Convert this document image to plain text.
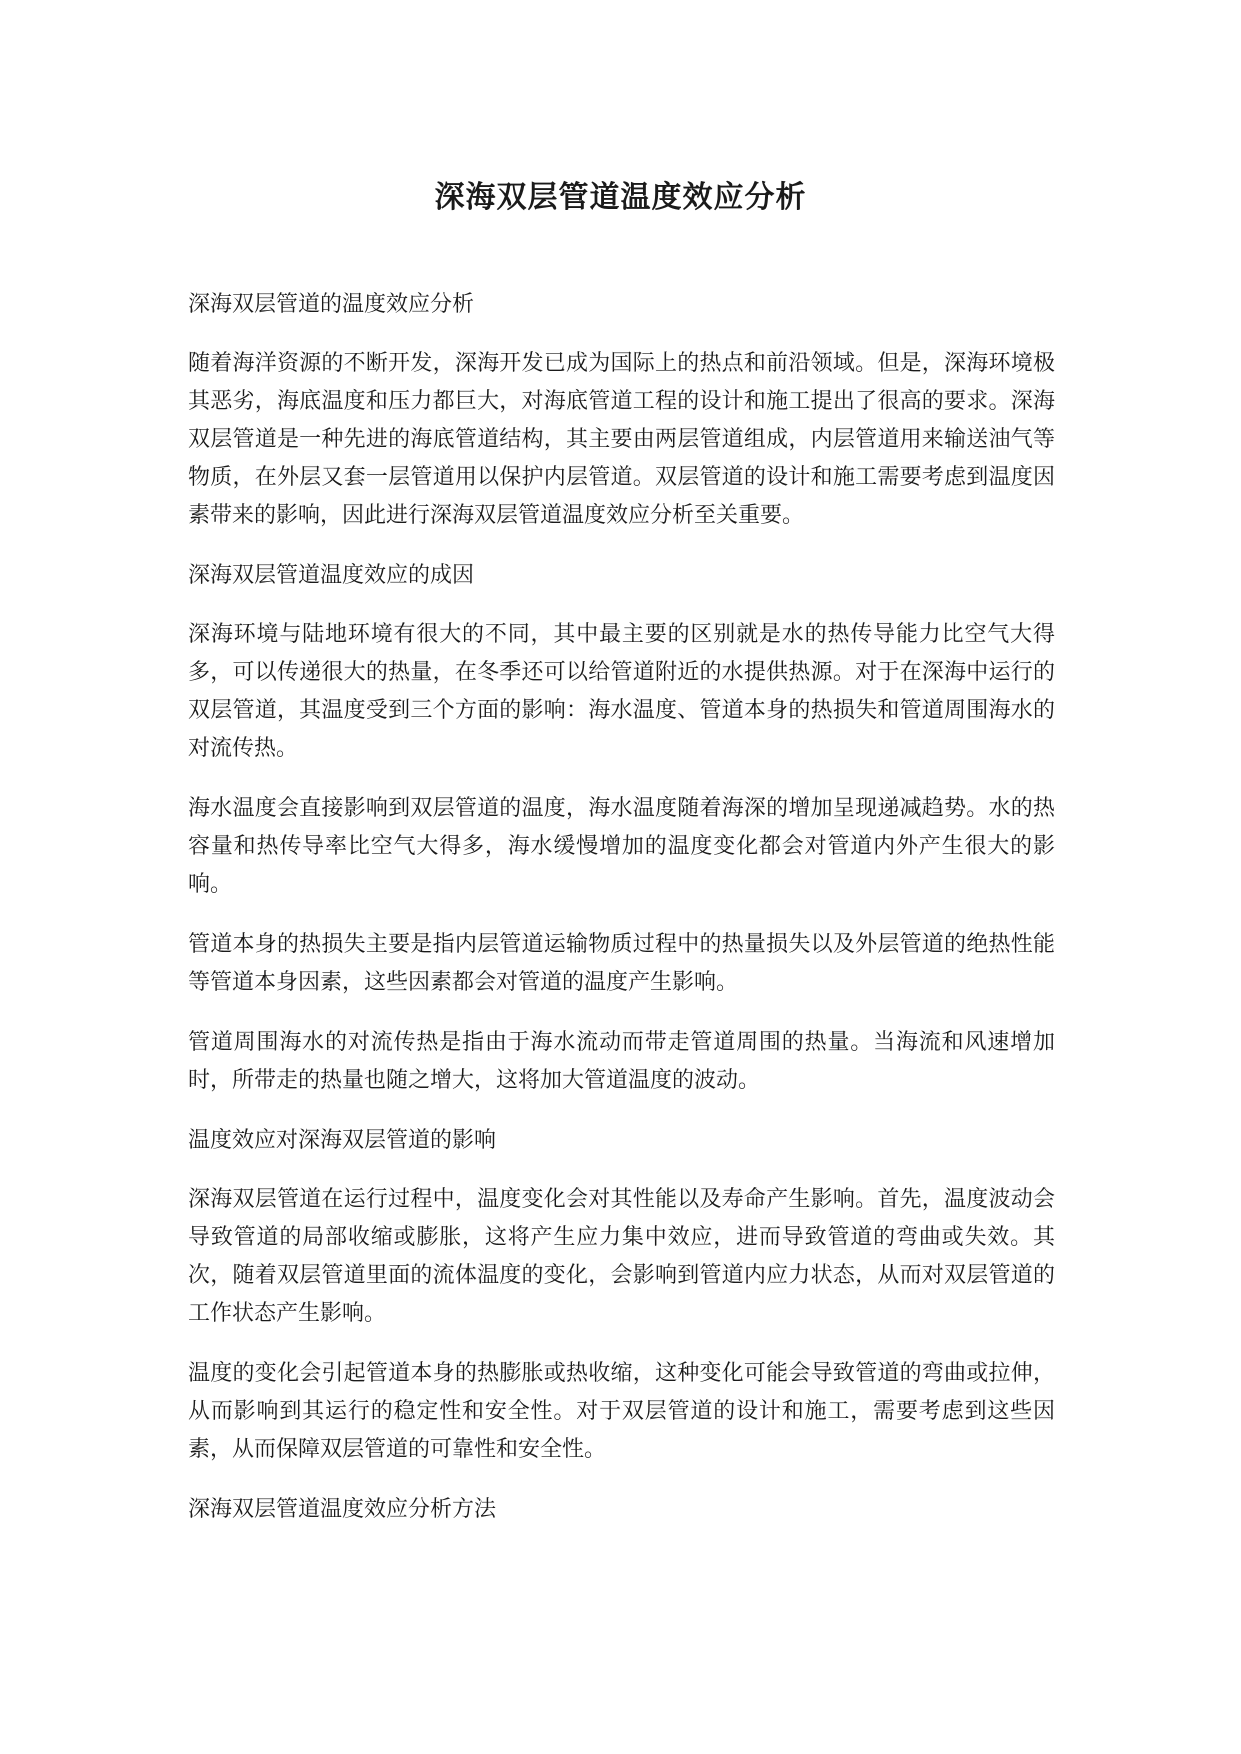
深海双层管道温度效应分析

深海双层管道的温度效应分析

随着海洋资源的不断开发，深海开发已成为国际上的热点和前沿领域。但是，深海环境极其恶劣，海底温度和压力都巨大，对海底管道工程的设计和施工提出了很高的要求。深海双层管道是一种先进的海底管道结构，其主要由两层管道组成，内层管道用来输送油气等物质，在外层又套一层管道用以保护内层管道。双层管道的设计和施工需要考虑到温度因素带来的影响，因此进行深海双层管道温度效应分析至关重要。

深海双层管道温度效应的成因

深海环境与陆地环境有很大的不同，其中最主要的区别就是水的热传导能力比空气大得多，可以传递很大的热量，在冬季还可以给管道附近的水提供热源。对于在深海中运行的双层管道，其温度受到三个方面的影响：海水温度、管道本身的热损失和管道周围海水的对流传热。

海水温度会直接影响到双层管道的温度，海水温度随着海深的增加呈现递减趋势。水的热容量和热传导率比空气大得多，海水缓慢增加的温度变化都会对管道内外产生很大的影响。

管道本身的热损失主要是指内层管道运输物质过程中的热量损失以及外层管道的绝热性能等管道本身因素，这些因素都会对管道的温度产生影响。

管道周围海水的对流传热是指由于海水流动而带走管道周围的热量。当海流和风速增加时，所带走的热量也随之增大，这将加大管道温度的波动。

温度效应对深海双层管道的影响

深海双层管道在运行过程中，温度变化会对其性能以及寿命产生影响。首先，温度波动会导致管道的局部收缩或膨胀，这将产生应力集中效应，进而导致管道的弯曲或失效。其次，随着双层管道里面的流体温度的变化，会影响到管道内应力状态，从而对双层管道的工作状态产生影响。

温度的变化会引起管道本身的热膨胀或热收缩，这种变化可能会导致管道的弯曲或拉伸，从而影响到其运行的稳定性和安全性。对于双层管道的设计和施工，需要考虑到这些因素，从而保障双层管道的可靠性和安全性。

深海双层管道温度效应分析方法
